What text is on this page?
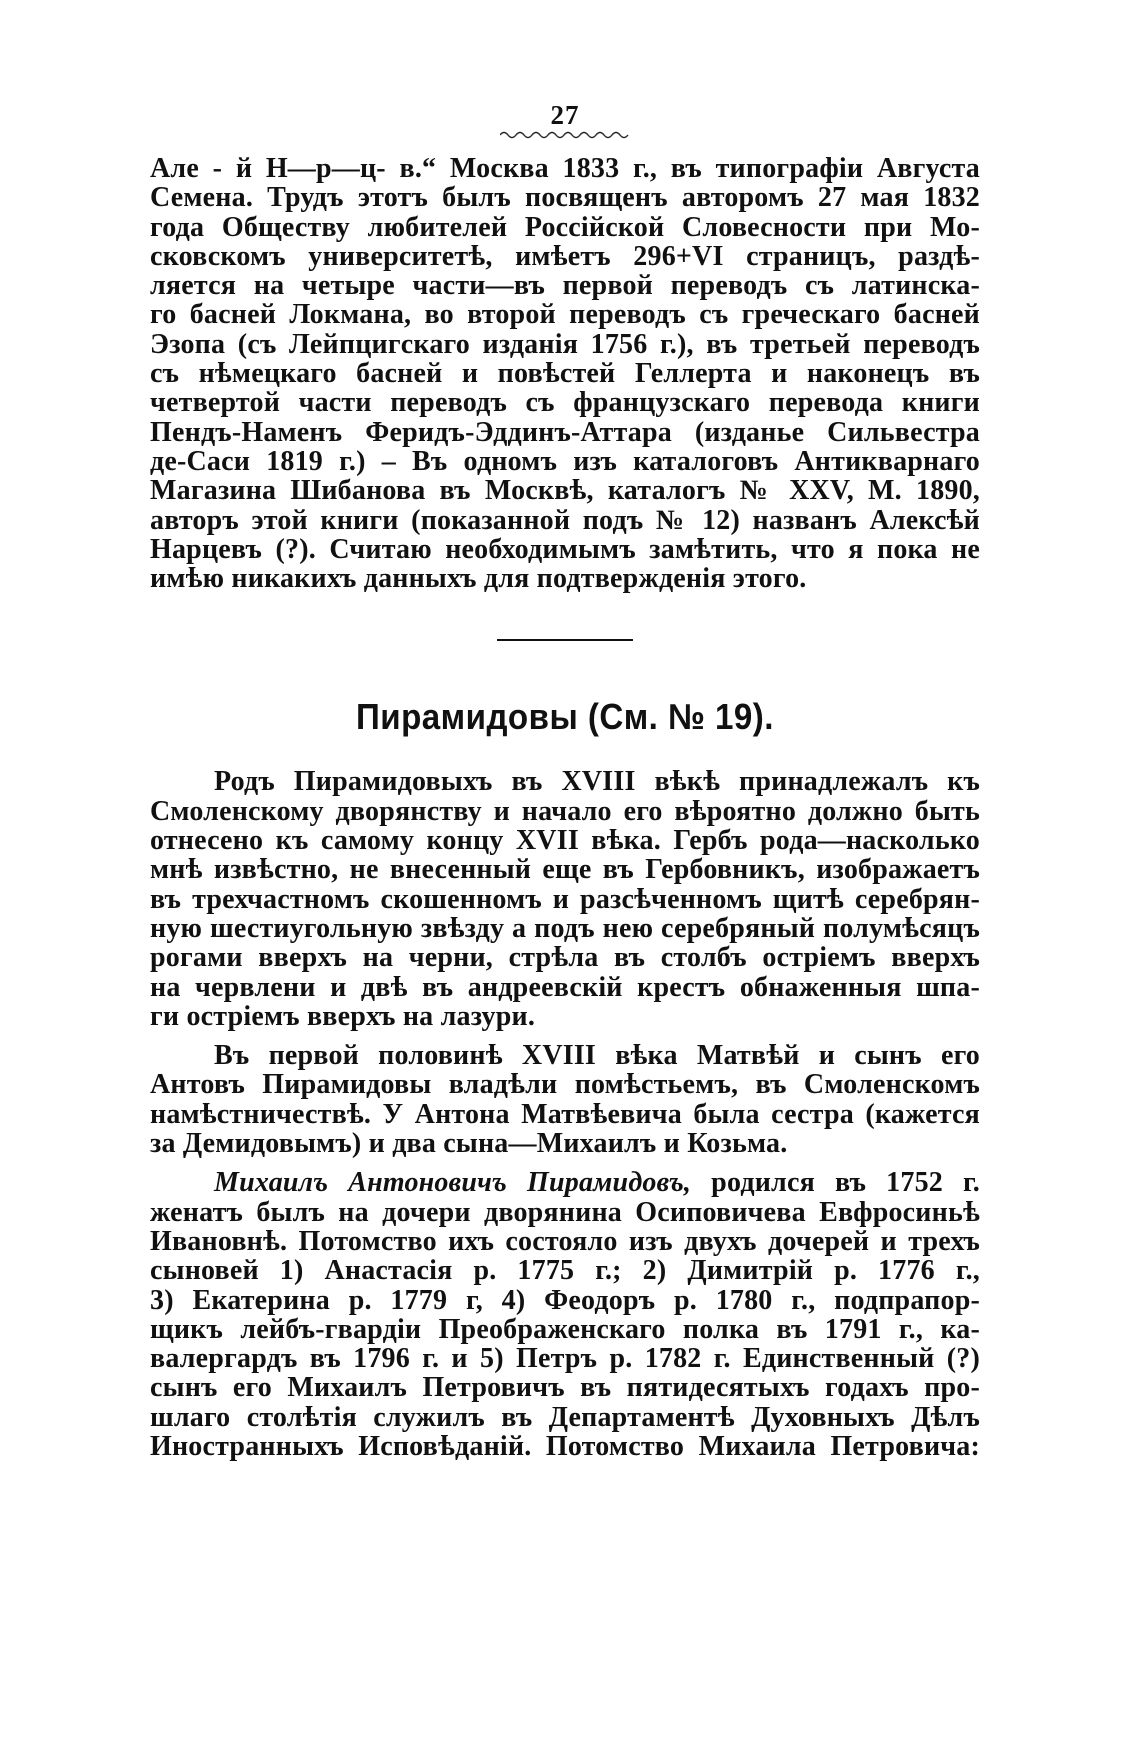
27
Але - й Н—р—ц- в.“ Москва 1833 г., въ типографіи Августа
Семена. Трудъ этотъ былъ посвященъ авторомъ 27 мая 1832
года Обществу любителей Россійской Словесности при Мо-
сковскомъ университетѣ, имѣетъ 296+VI страницъ, раздѣ-
ляется на четыре части—въ первой переводъ съ латинска-
го басней Локмана, во второй переводъ съ греческаго басней
Эзопа (съ Лейпцигскаго изданія 1756 г.), въ третьей переводъ
съ нѣмецкаго басней и повѣстей Геллерта и наконецъ въ
четвертой части переводъ съ французскаго перевода книги
Пендъ-Наменъ Феридъ-Эддинъ-Аттара (изданье Сильвестра
де-Саси 1819 г.) – Въ одномъ изъ каталоговъ Антикварнаго
Магазина Шибанова въ Москвѣ, каталогъ № XXV, М. 1890,
авторъ этой книги (показанной подъ № 12) названъ Алексѣй
Нарцевъ (?). Считаю необходимымъ замѣтить, что я пока не
имѣю никакихъ данныхъ для подтвержденія этого.
Пирамидовы (См. № 19).
Родъ Пирамидовыхъ въ XVIII вѣкѣ принадлежалъ къ
Смоленскому дворянству и начало его вѣроятно должно быть
отнесено къ самому концу XVII вѣка. Гербъ рода—насколько
мнѣ извѣстно, не внесенный еще въ Гербовникъ, изображаетъ
въ трехчастномъ скошенномъ и разсѣченномъ щитѣ серебрян-
ную шестиугольную звѣзду а подъ нею серебряный полумѣсяцъ
рогами вверхъ на черни, стрѣла въ столбъ остріемъ вверхъ
на червлени и двѣ въ андреевскій крестъ обнаженныя шпа-
ги остріемъ вверхъ на лазури.
Въ первой половинѣ XVIII вѣка Матвѣй и сынъ его
Антовъ Пирамидовы владѣли помѣстьемъ, въ Смоленскомъ
намѣстничествѣ. У Антона Матвѣевича была сестра (кажется
за Демидовымъ) и два сына—Михаилъ и Козьма.
Михаилъ Антоновичъ Пирамидовъ, родился въ 1752 г.
женатъ былъ на дочери дворянина Осиповичева Евфросиньѣ
Ивановнѣ. Потомство ихъ состояло изъ двухъ дочерей и трехъ
сыновей 1) Анастасія р. 1775 г.; 2) Димитрій р. 1776 г.,
3) Екатерина р. 1779 г, 4) Феодоръ р. 1780 г., подпрапор-
щикъ лейбъ-гвардіи Преображенскаго полка въ 1791 г., ка-
валергардъ въ 1796 г. и 5) Петръ р. 1782 г. Единственный (?)
сынъ его Михаилъ Петровичъ въ пятидесятыхъ годахъ про-
шлаго столѣтія служилъ въ Департаментѣ Духовныхъ Дѣлъ
Иностранныхъ Исповѣданій. Потомство Михаила Петровича:
